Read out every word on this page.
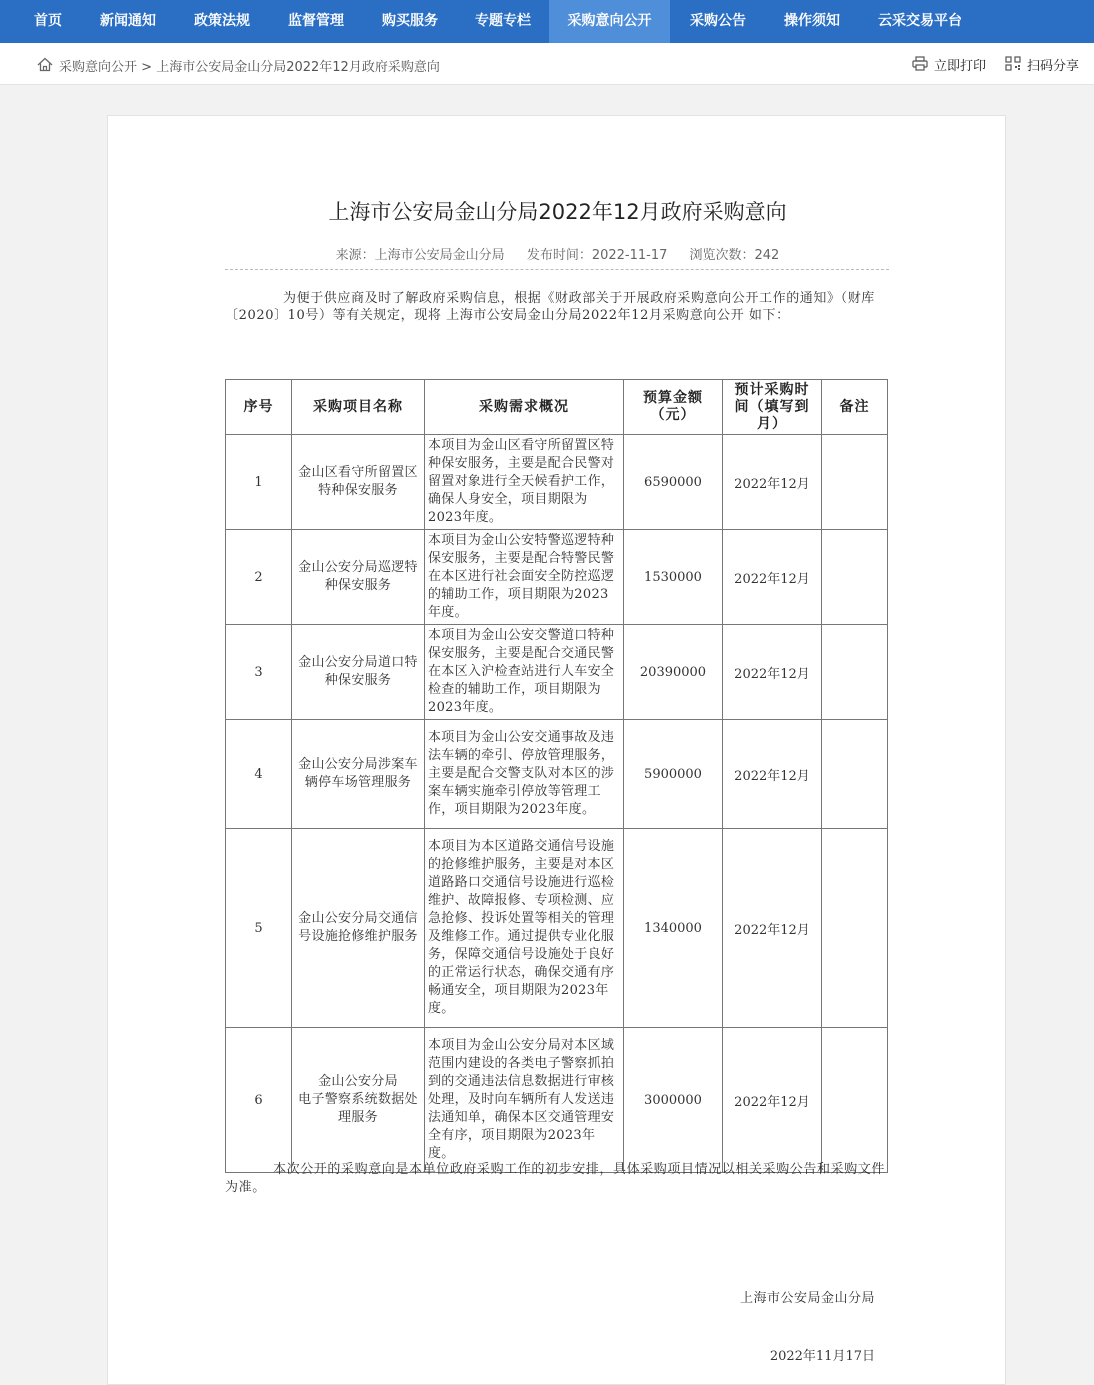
首页	新闻通知	政策法规	监督管理	购买服务	专题专栏	采购意向公开	采购公告	操作须知	云采交易平台
采购意向公开 > 上海市公安局金山分局2022年12月政府采购意向	立即打印	扫码分享
上海市公安局金山分局2022年12月政府采购意向
来源：上海市公安局金山分局 发布时间：2022-11-17 浏览次数：242
为便于供应商及时了解政府采购信息，根据《财政部关于开展政府采购意向公开工作的通知》（财库〔2020〕10号）等有关规定，现将 上海市公安局金山分局2022年12月采购意向公开 如下：
序号	采购项目名称	采购需求概况	预算金额（元）	预计采购时间（填写到月）	备注
1	金山区看守所留置区特种保安服务	本项目为金山区看守所留置区特种保安服务，主要是配合民警对留置对象进行全天候看护工作，确保人身安全，项目期限为2023年度。	6590000	2022年12月	
2	金山公安分局巡逻特种保安服务	本项目为金山公安特警巡逻特种保安服务，主要是配合特警民警在本区进行社会面安全防控巡逻的辅助工作，项目期限为2023年度。	1530000	2022年12月	
3	金山公安分局道口特种保安服务	本项目为金山公安交警道口特种保安服务，主要是配合交通民警在本区入沪检查站进行人车安全检查的辅助工作，项目期限为2023年度。	20390000	2022年12月	
4	金山公安分局涉案车辆停车场管理服务	本项目为金山公安交通事故及违法车辆的牵引、停放管理服务，主要是配合交警支队对本区的涉案车辆实施牵引停放等管理工作，项目期限为2023年度。	5900000	2022年12月	
5	金山公安分局交通信号设施抢修维护服务	本项目为本区道路交通信号设施的抢修维护服务，主要是对本区道路路口交通信号设施进行巡检维护、故障报修、专项检测、应急抢修、投诉处置等相关的管理及维修工作。通过提供专业化服务，保障交通信号设施处于良好的正常运行状态，确保交通有序畅通安全，项目期限为2023年度。	1340000	2022年12月	
6	金山公安分局
电子警察系统数据处理服务	本项目为金山公安分局对本区域范围内建设的各类电子警察抓拍到的交通违法信息数据进行审核处理，及时向车辆所有人发送违法通知单，确保本区交通管理安全有序，项目期限为2023年度。	3000000	2022年12月	
本次公开的采购意向是本单位政府采购工作的初步安排，具体采购项目情况以相关采购公告和采购文件为准。
上海市公安局金山分局
2022年11月17日
